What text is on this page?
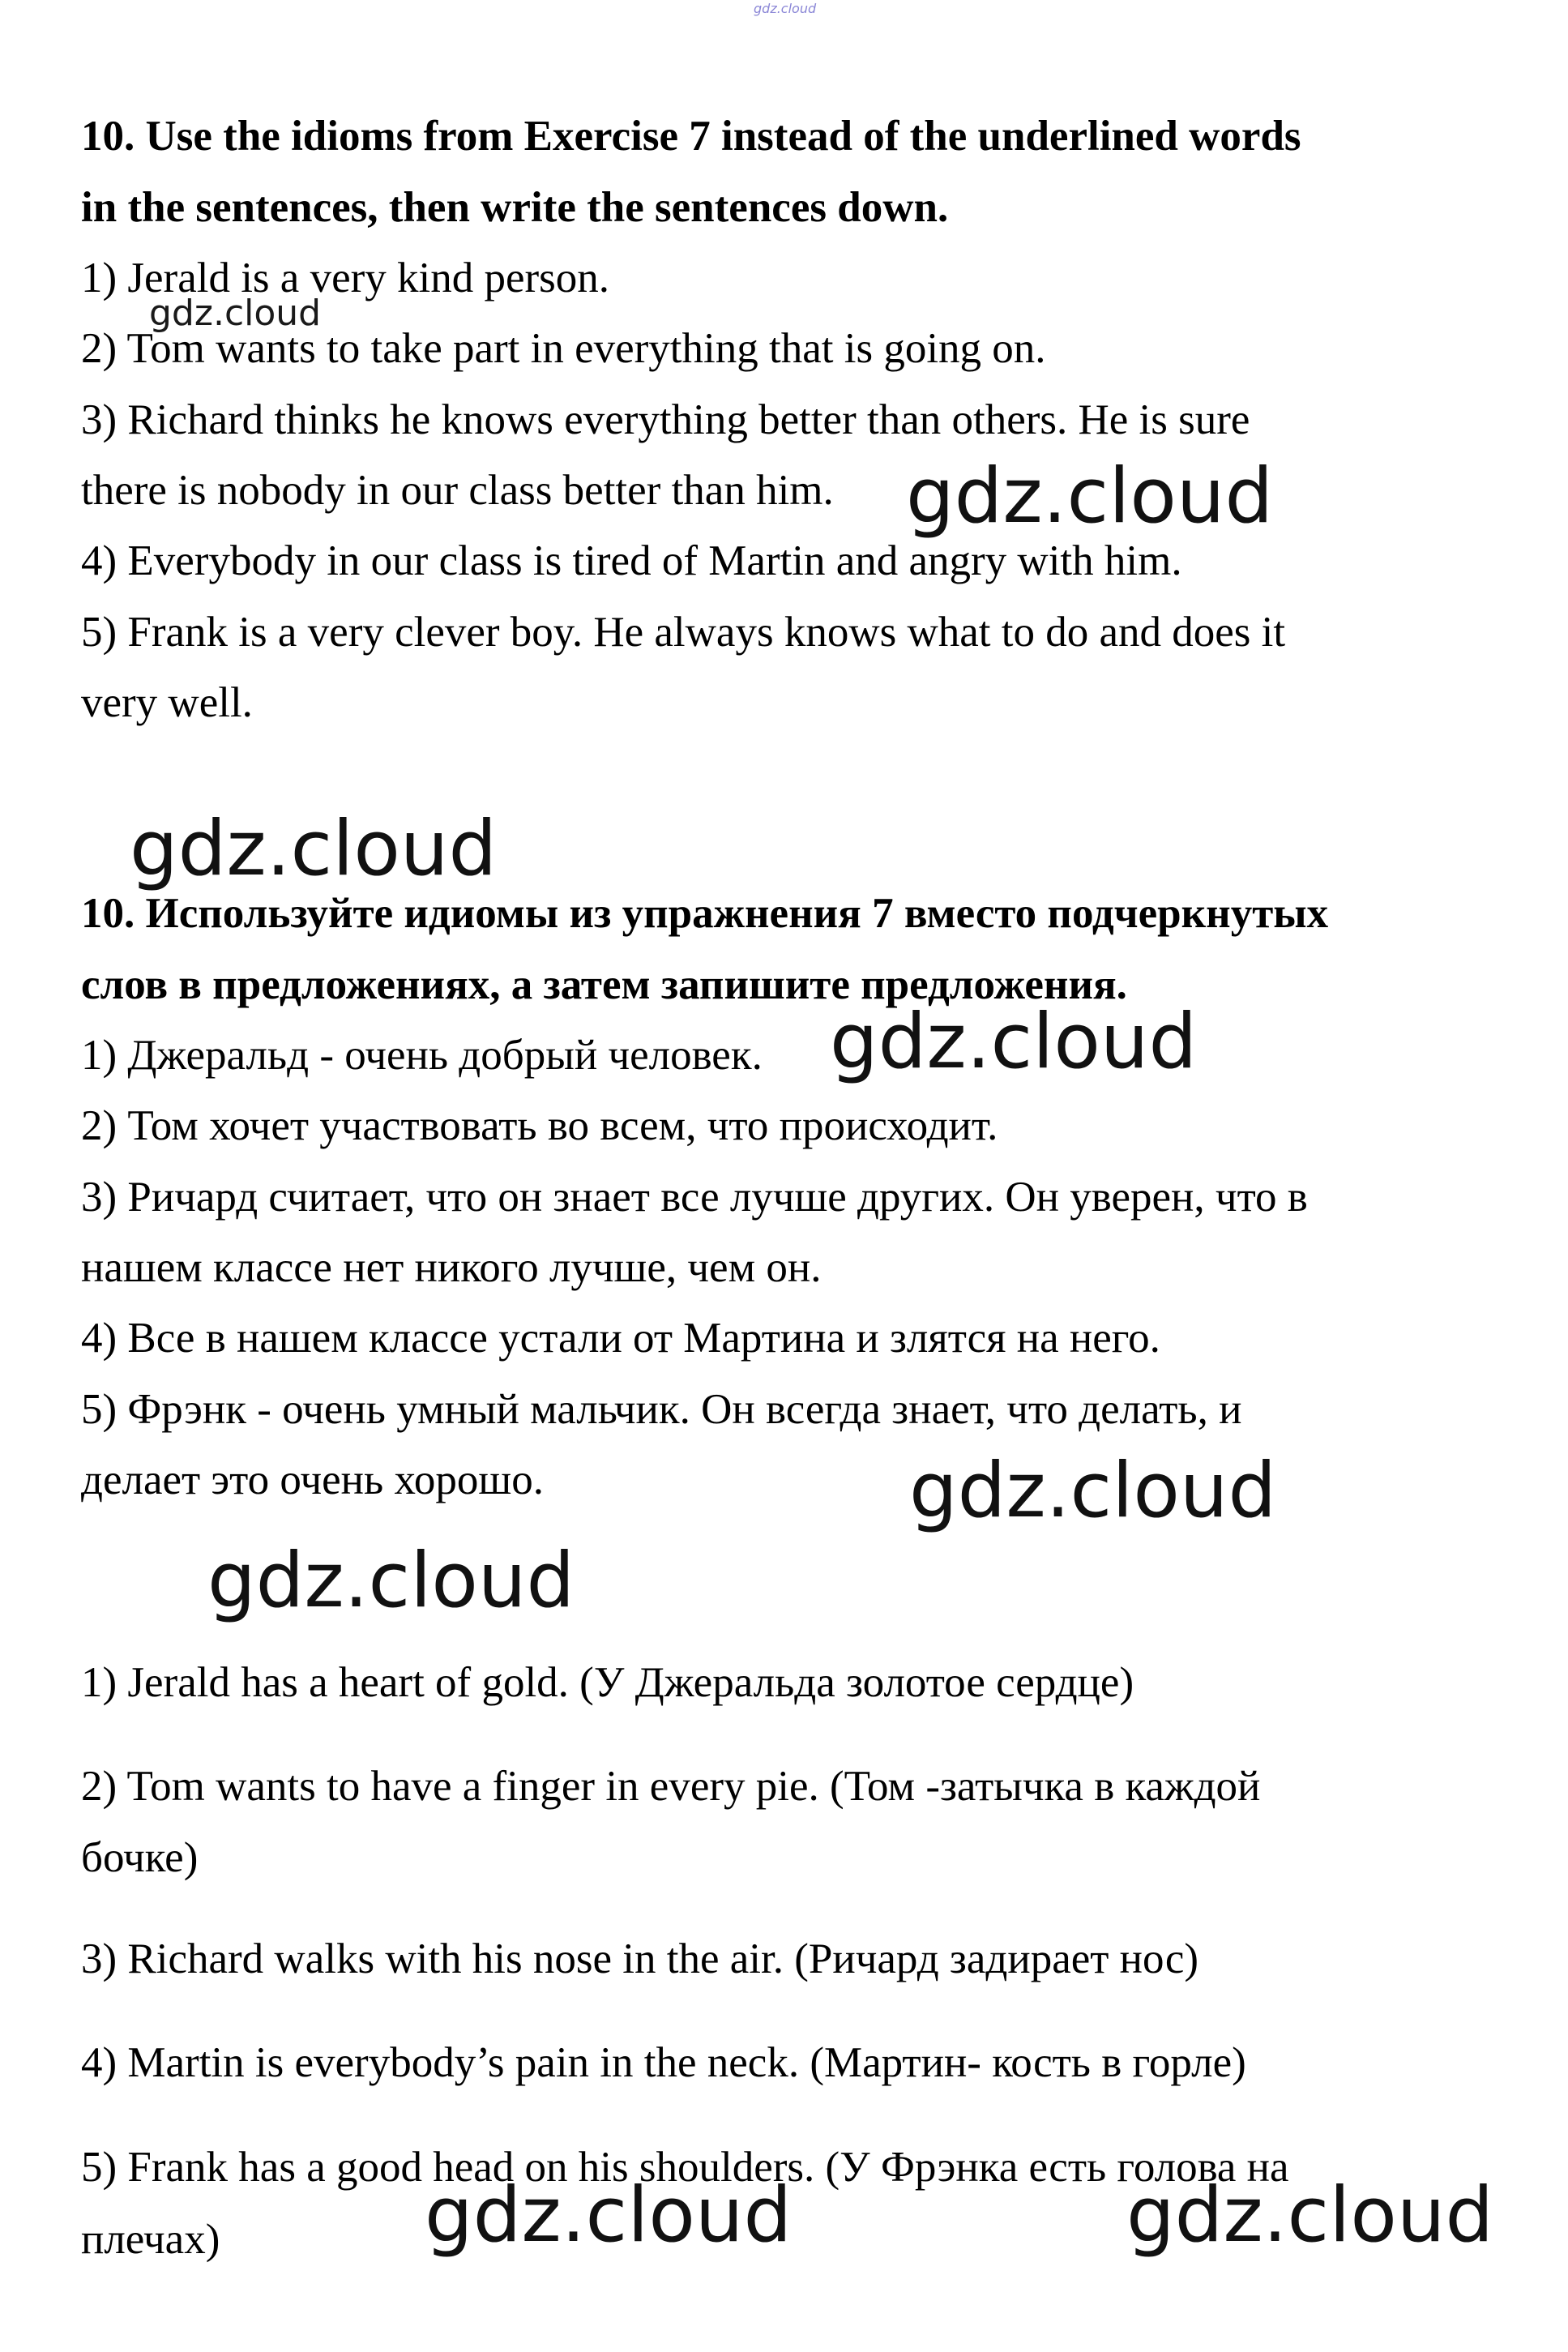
gdz.cloud
10. Use the idioms from Exercise 7 instead of the underlined words
in the sentences, then write the sentences down.
1) Jerald is a very kind person.
2) Tom wants to take part in everything that is going on.
3) Richard thinks he knows everything better than others. He is sure
there is nobody in our class better than him.
4) Everybody in our class is tired of Martin and angry with him.
5) Frank is a very clever boy. He always knows what to do and does it
very well.
10. Используйте идиомы из упражнения 7 вместо подчеркнутых
слов в предложениях, а затем запишите предложения.
1) Джеральд - очень добрый человек.
2) Том хочет участвовать во всем, что происходит.
3) Ричард считает, что он знает все лучше других. Он уверен, что в
нашем классе нет никого лучше, чем он.
4) Все в нашем классе устали от Мартина и злятся на него.
5) Фрэнк - очень умный мальчик. Он всегда знает, что делать, и
делает это очень хорошо.
1) Jerald has a heart of gold. (У Джеральда золотое сердце)
2) Tom wants to have a finger in every pie. (Том -затычка в каждой
бочке)
3) Richard walks with his nose in the air. (Ричард задирает нос)
4) Martin is everybody’s pain in the neck. (Мартин- кость в горле)
5) Frank has a good head on his shoulders. (У Фрэнка есть голова на
плечах)
gdz.cloud
gdz.cloud
gdz.cloud
gdz.cloud
gdz.cloud
gdz.cloud
gdz.cloud	gdz.cloud
